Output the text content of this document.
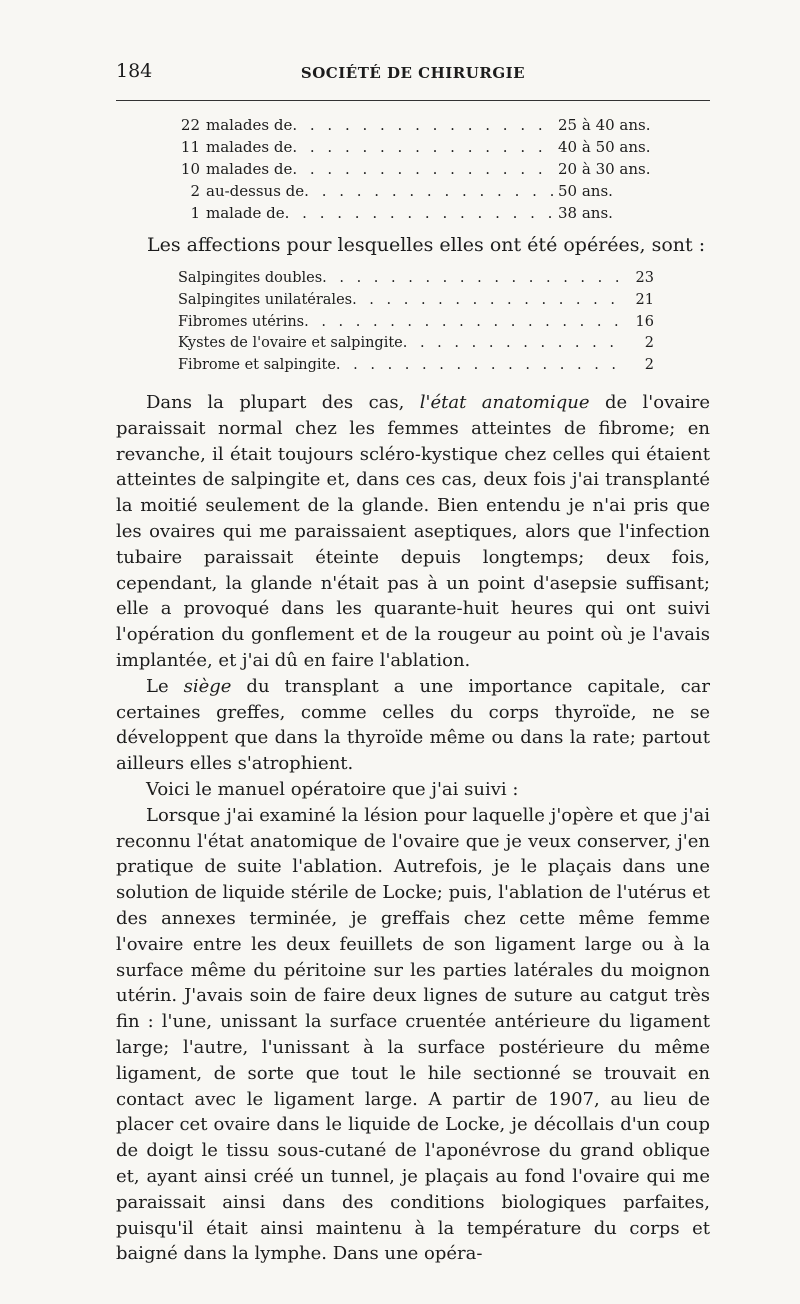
184	SOCIÉTÉ DE CHIRURGIE
22 malades de . . .	25 à 40 ans.
11 malades de . . .	40 à 50 ans.
10 malades de . . .	20 à 30 ans.
2 au-dessus de . . .	50 ans.
1 malade de . . .	38 ans.
Les affections pour lesquelles elles ont été opérées, sont :
Salpingites doubles . . .	23
Salpingites unilatérales . . .	21
Fibromes utérins . . .	16
Kystes de l'ovaire et salpingite . . .	2
Fibrome et salpingite . . .	2

Dans la plupart des cas, l'état anatomique de l'ovaire paraissait normal chez les femmes atteintes de fibrome; en revanche, il était toujours scléro-kystique chez celles qui étaient atteintes de salpingite et, dans ces cas, deux fois j'ai transplanté la moitié seulement de la glande. Bien entendu je n'ai pris que les ovaires qui me paraissaient aseptiques, alors que l'infection tubaire paraissait éteinte depuis longtemps; deux fois, cependant, la glande n'était pas à un point d'asepsie suffisant; elle a provoqué dans les quarante-huit heures qui ont suivi l'opération du gonflement et de la rougeur au point où je l'avais implantée, et j'ai dû en faire l'ablation.

Le siège du transplant a une importance capitale, car certaines greffes, comme celles du corps thyroïde, ne se développent que dans la thyroïde même ou dans la rate; partout ailleurs elles s'atrophient.

Voici le manuel opératoire que j'ai suivi :

Lorsque j'ai examiné la lésion pour laquelle j'opère et que j'ai reconnu l'état anatomique de l'ovaire que je veux conserver, j'en pratique de suite l'ablation. Autrefois, je le plaçais dans une solution de liquide stérile de Locke; puis, l'ablation de l'utérus et des annexes terminée, je greffais chez cette même femme l'ovaire entre les deux feuillets de son ligament large ou à la surface même du péritoine sur les parties latérales du moignon utérin. J'avais soin de faire deux lignes de suture au catgut très fin : l'une, unissant la surface cruentée antérieure du ligament large; l'autre, l'unissant à la surface postérieure du même ligament, de sorte que tout le hile sectionné se trouvait en contact avec le ligament large. A partir de 1907, au lieu de placer cet ovaire dans le liquide de Locke, je décollais d'un coup de doigt le tissu sous-cutané de l'aponévrose du grand oblique et, ayant ainsi créé un tunnel, je plaçais au fond l'ovaire qui me paraissait ainsi dans des conditions biologiques parfaites, puisqu'il était ainsi maintenu à la température du corps et baigné dans la lymphe. Dans une opéra-
